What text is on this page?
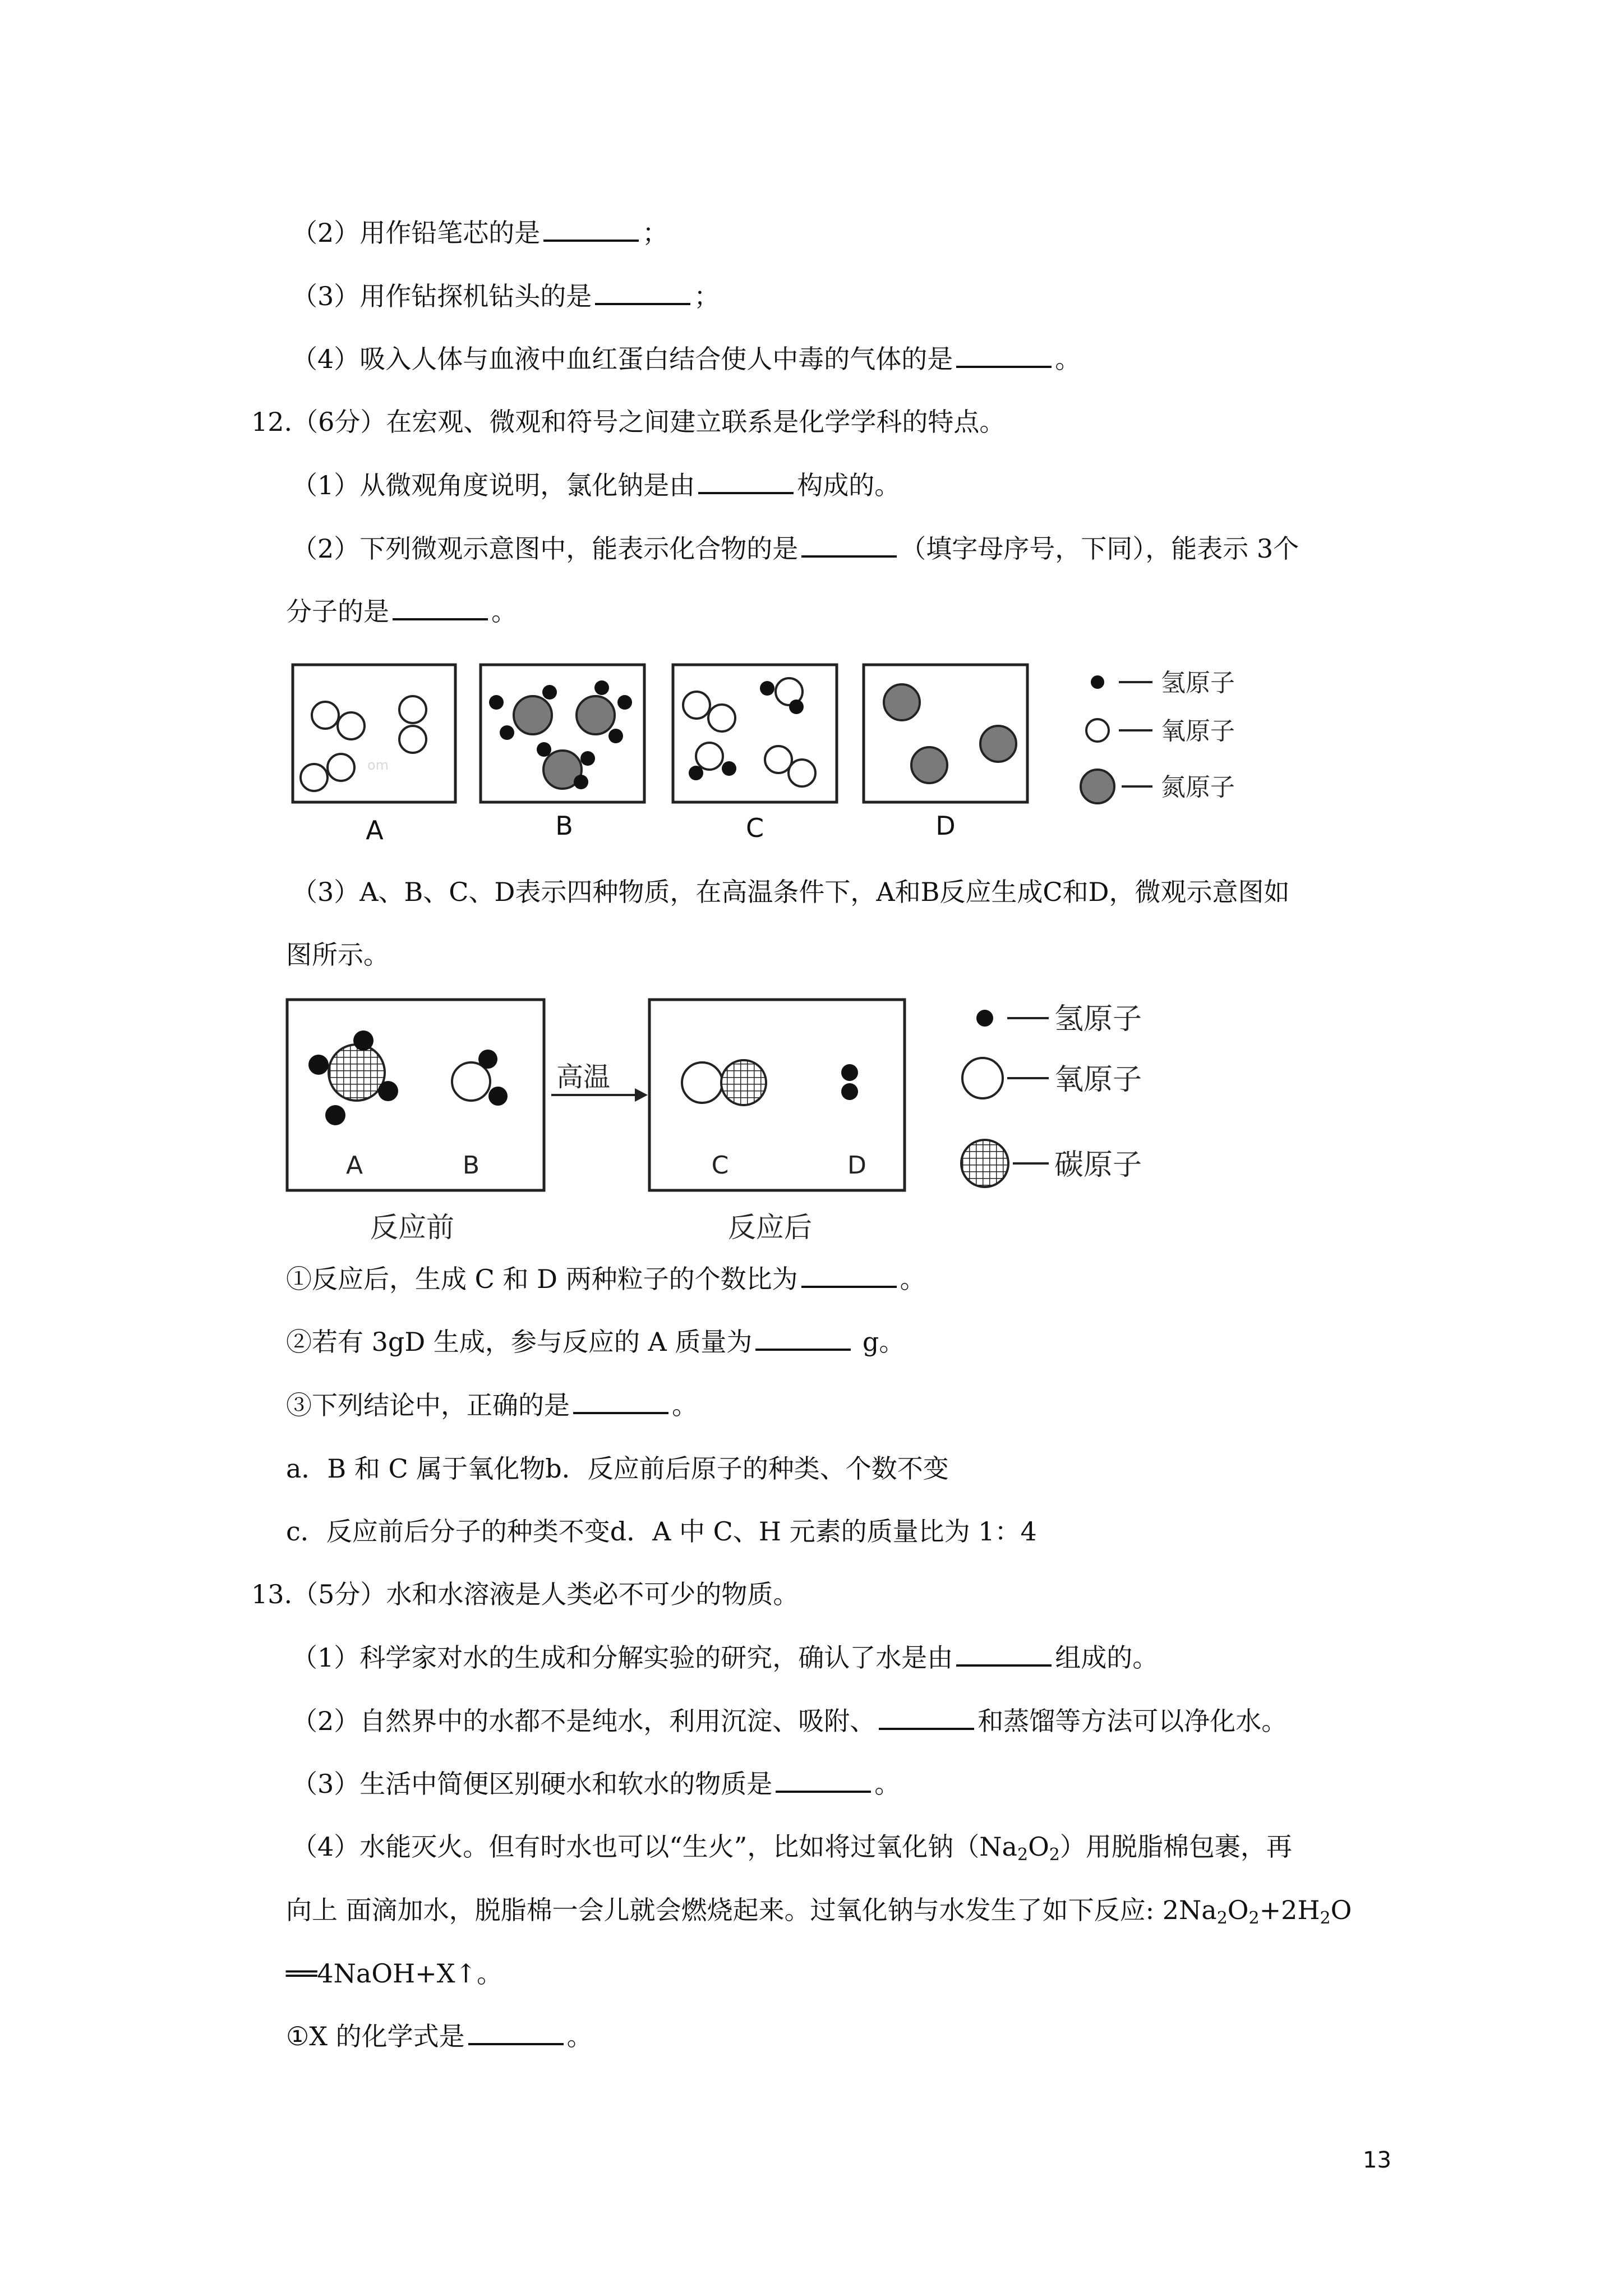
（2）用作铅笔芯的是	；
（3）用作钻探机钻头的是	；
（4）吸入人体与血液中血红蛋白结合使人中毒的气体的是	。
12.（6分）在宏观、微观和符号之间建立联系是化学学科的特点。
（1）从微观角度说明，氯化钠是由	构成的。
（2）下列微观示意图中，能表示化合物的是	（填字母序号，下同），能表示 3个
分子的是	。
om
A	B	C	D
氢原子
氧原子
氮原子
（3）A、B、C、D表示四种物质，在高温条件下，A和B反应生成C和D，微观示意图如
图所示。
高温
A	B	C	D
反应前	反应后
氢原子
氧原子
碳原子
①反应后，生成 C 和 D 两种粒子的个数比为	。
②若有 3gD 生成，参与反应的 A 质量为	g。
③下列结论中，正确的是	。
a．B 和 C 属于氧化物b．反应前后原子的种类、个数不变
c．反应前后分子的种类不变d．A 中 C、H 元素的质量比为 1：4
13.（5分）水和水溶液是人类必不可少的物质。
（1）科学家对水的生成和分解实验的研究，确认了水是由	组成的。
（2）自然界中的水都不是纯水，利用沉淀、吸附、	和蒸馏等方法可以净化水。
（3）生活中简便区别硬水和软水的物质是	。
（4）水能灭火。但有时水也可以“生火”，比如将过氧化钠$(Na_2O_2)$用脱脂棉包裹，再
向上 面滴加水，脱脂棉一会儿就会燃烧起来。过氧化钠与水发生了如下反应: $2Na_2O_2+2H_2O$
══4NaOH+X↑。
①X 的化学式是	。
13
